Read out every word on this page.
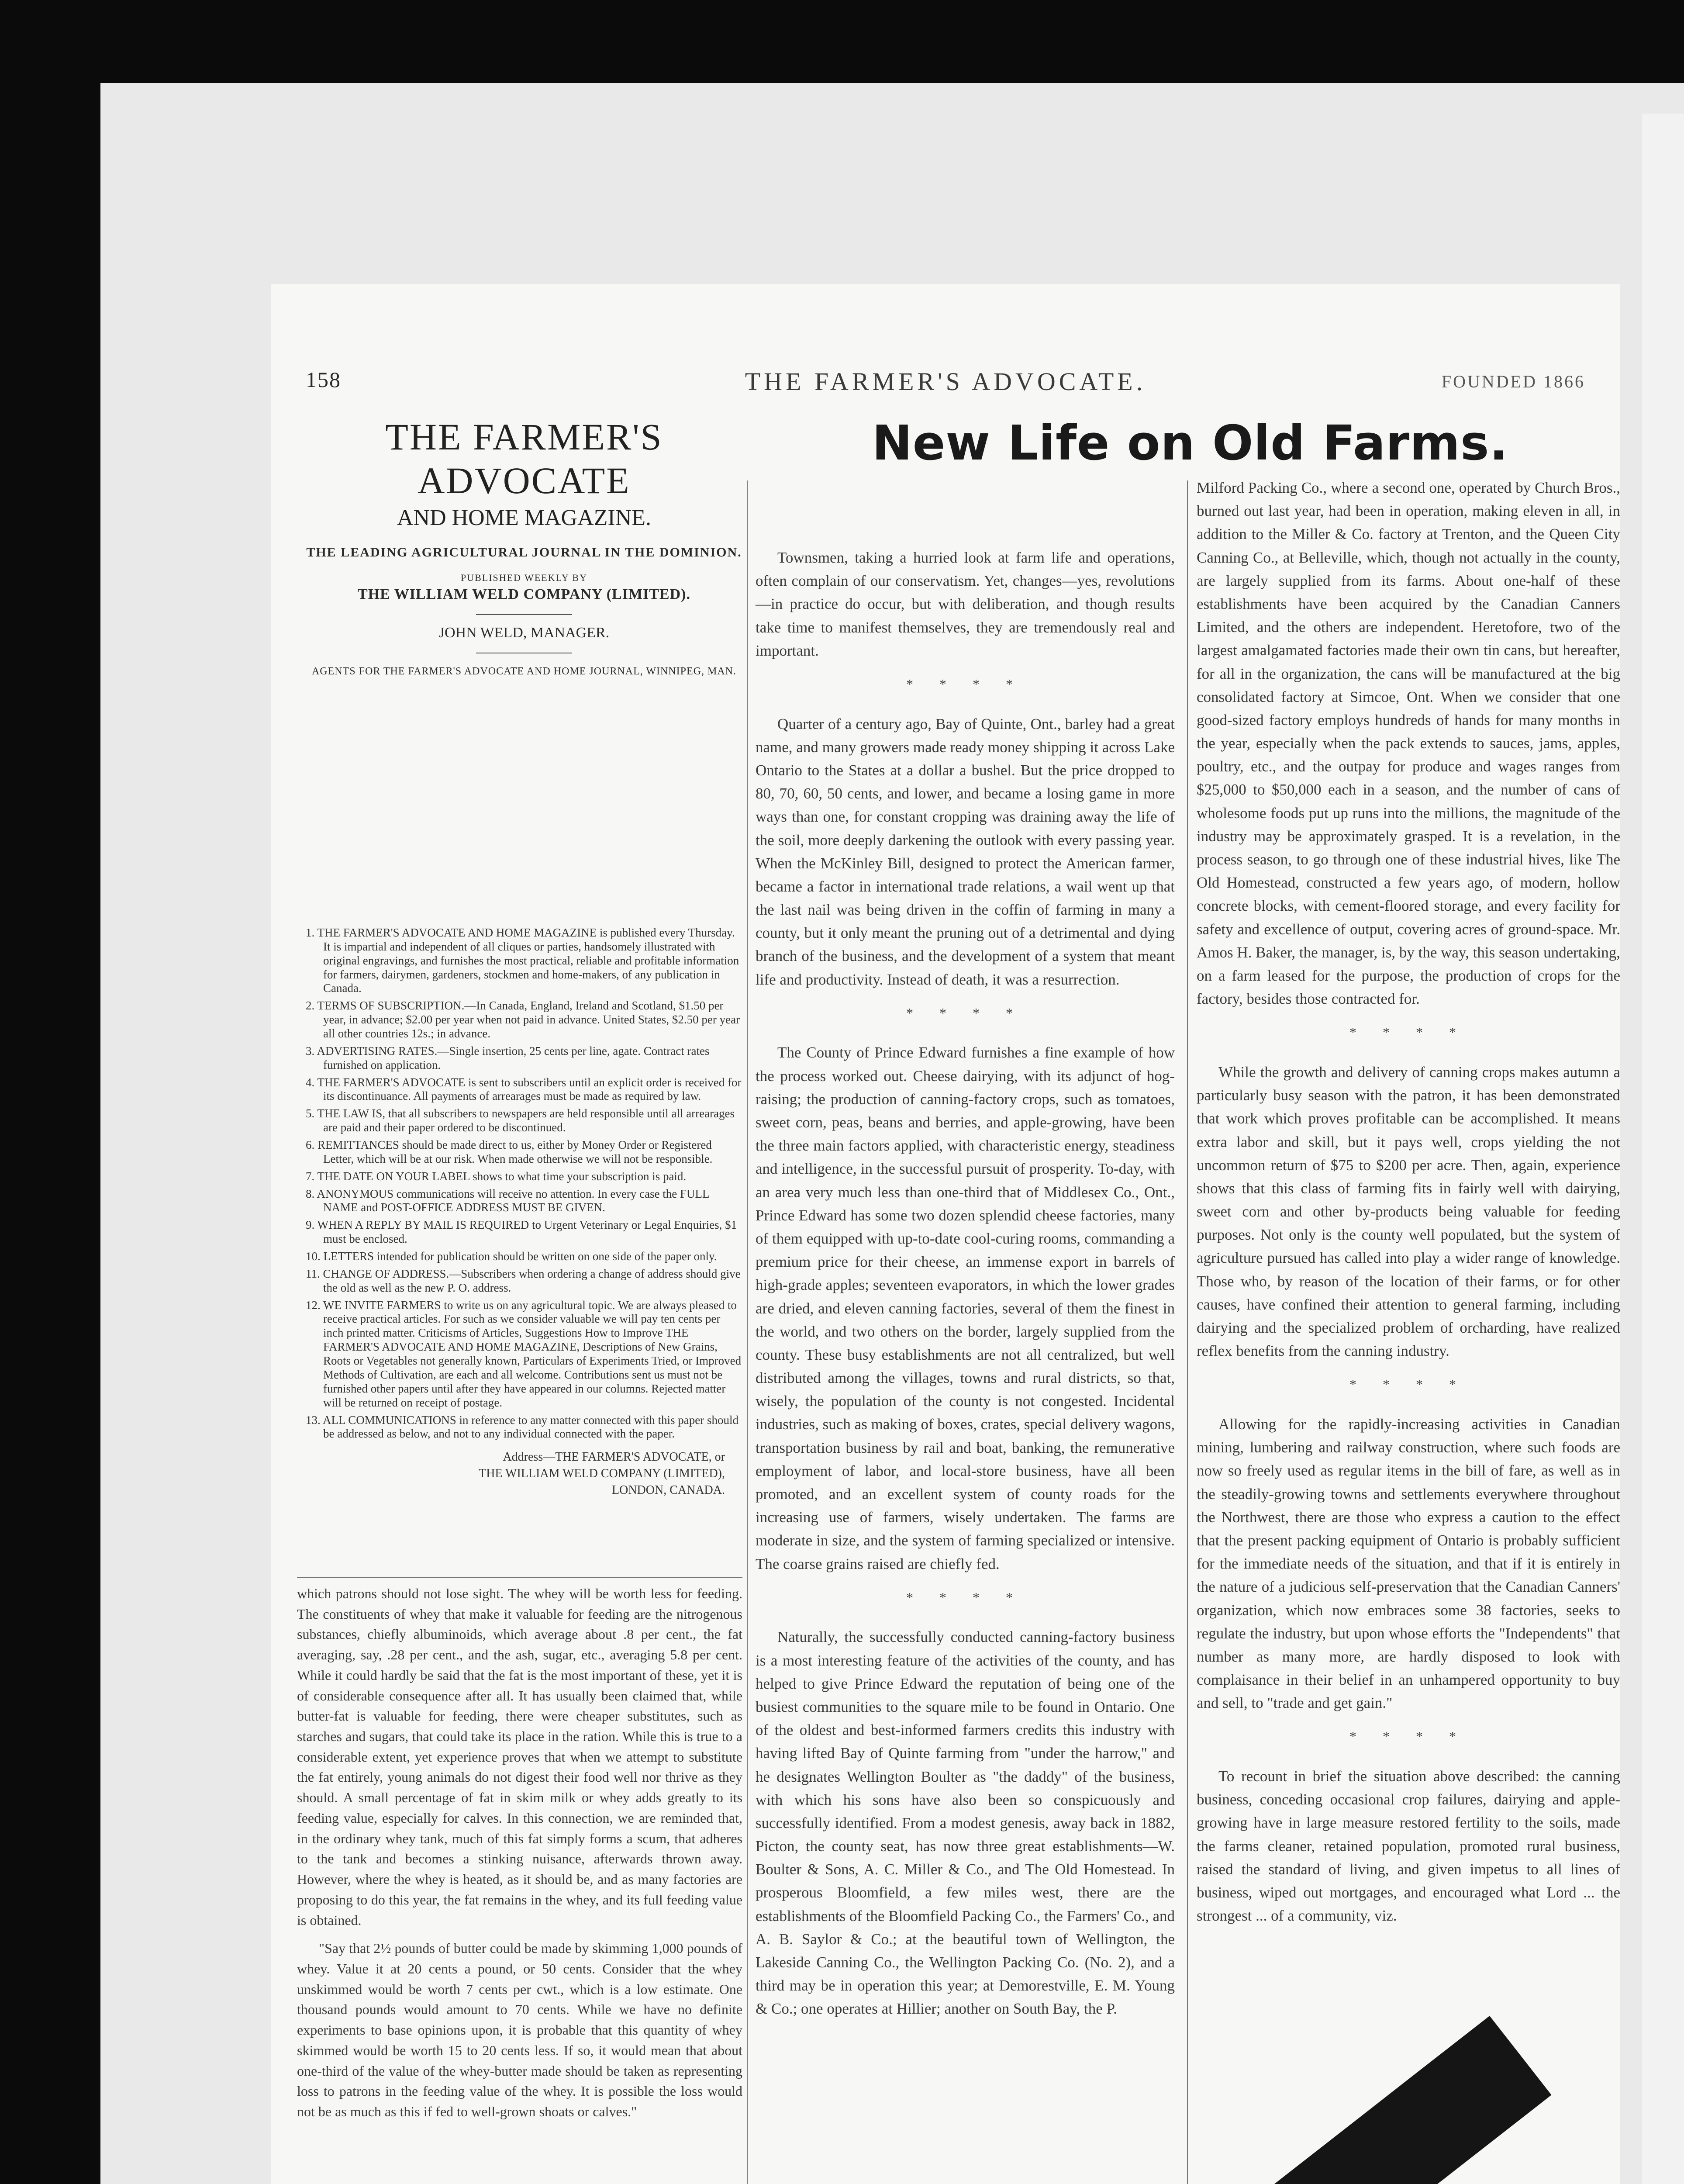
158	THE FARMER'S ADVOCATE.	FOUNDED 1866
THE FARMER'S ADVOCATE
AND HOME MAGAZINE.
THE LEADING AGRICULTURAL JOURNAL IN THE DOMINION.
PUBLISHED WEEKLY BY
THE WILLIAM WELD COMPANY (LIMITED).
JOHN WELD, MANAGER.
AGENTS FOR THE FARMER'S ADVOCATE AND HOME JOURNAL, WINNIPEG, MAN.
1. THE FARMER'S ADVOCATE AND HOME MAGAZINE is published every Thursday. It is impartial and independent of all cliques or parties, handsomely illustrated with original engravings, and furnishes the most practical, reliable and profitable information for farmers, dairymen, gardeners, stockmen and home-makers, of any publication in Canada.
2. TERMS OF SUBSCRIPTION.—In Canada, England, Ireland and Scotland, $1.50 per year, in advance; $2.00 per year when not paid in advance. United States, $2.50 per year all other countries 12s.; in advance.
3. ADVERTISING RATES.—Single insertion, 25 cents per line, agate. Contract rates furnished on application.
4. THE FARMER'S ADVOCATE is sent to subscribers until an explicit order is received for its discontinuance. All payments of arrearages must be made as required by law.
5. THE LAW IS, that all subscribers to newspapers are held responsible until all arrearages are paid and their paper ordered to be discontinued.
6. REMITTANCES should be made direct to us, either by Money Order or Registered Letter, which will be at our risk. When made otherwise we will not be responsible.
7. THE DATE ON YOUR LABEL shows to what time your subscription is paid.
8. ANONYMOUS communications will receive no attention. In every case the FULL NAME and POST-OFFICE ADDRESS MUST BE GIVEN.
9. WHEN A REPLY BY MAIL IS REQUIRED to Urgent Veterinary or Legal Enquiries, $1 must be enclosed.
10. LETTERS intended for publication should be written on one side of the paper only.
11. CHANGE OF ADDRESS.—Subscribers when ordering a change of address should give the old as well as the new P. O. address.
12. WE INVITE FARMERS to write us on any agricultural topic. We are always pleased to receive practical articles. For such as we consider valuable we will pay ten cents per inch printed matter. Criticisms of Articles, Suggestions How to Improve THE FARMER'S ADVOCATE AND HOME MAGAZINE, Descriptions of New Grains, Roots or Vegetables not generally known, Particulars of Experiments Tried, or Improved Methods of Cultivation, are each and all welcome. Contributions sent us must not be furnished other papers until after they have appeared in our columns. Rejected matter will be returned on receipt of postage.
13. ALL COMMUNICATIONS in reference to any matter connected with this paper should be addressed as below, and not to any individual connected with the paper.
Address—THE FARMER'S ADVOCATE, or
THE WILLIAM WELD COMPANY (LIMITED),
LONDON, CANADA.
New Life on Old Farms.

which patrons should not lose sight. The whey will be worth less for feeding. The constituents of whey that make it valuable for feeding are the nitrogenous substances, chiefly albuminoids, which average about .8 per cent., the fat averaging, say, .28 per cent., and the ash, sugar, etc., averaging 5.8 per cent. While it could hardly be said that the fat is the most important of these, yet it is of considerable consequence after all. It has usually been claimed that, while butter-fat is valuable for feeding, there were cheaper substitutes, such as starches and sugars, that could take its place in the ration. While this is true to a considerable extent, yet experience proves that when we attempt to substitute the fat entirely, young animals do not digest their food well nor thrive as they should. A small percentage of fat in skim milk or whey adds greatly to its feeding value, especially for calves. In this connection, we are reminded that, in the ordinary whey tank, much of this fat simply forms a scum, that adheres to the tank and becomes a stinking nuisance, afterwards thrown away. However, where the whey is heated, as it should be, and as many factories are proposing to do this year, the fat remains in the whey, and its full feeding value is obtained.

"Say that 2½ pounds of butter could be made by skimming 1,000 pounds of whey. Value it at 20 cents a pound, or 50 cents. Consider that the whey unskimmed would be worth 7 cents per cwt., which is a low estimate. One thousand pounds would amount to 70 cents. While we have no definite experiments to base opinions upon, it is probable that this quantity of whey skimmed would be worth 15 to 20 cents less. If so, it would mean that about one-third of the value of the whey-butter made should be taken as representing loss to patrons in the feeding value of the whey. It is possible the loss would not be as much as this if fed to well-grown shoats or calves."

Townsmen, taking a hurried look at farm life and operations, often complain of our conservatism. Yet, changes—yes, revolutions—in practice do occur, but with deliberation, and though results take time to manifest themselves, they are tremendously real and important.

* * * *

Quarter of a century ago, Bay of Quinte, Ont., barley had a great name, and many growers made ready money shipping it across Lake Ontario to the States at a dollar a bushel. But the price dropped to 80, 70, 60, 50 cents, and lower, and became a losing game in more ways than one, for constant cropping was draining away the life of the soil, more deeply darkening the outlook with every passing year. When the McKinley Bill, designed to protect the American farmer, became a factor in international trade relations, a wail went up that the last nail was being driven in the coffin of farming in many a county, but it only meant the pruning out of a detrimental and dying branch of the business, and the development of a system that meant life and productivity. Instead of death, it was a resurrection.

* * * *

The County of Prince Edward furnishes a fine example of how the process worked out. Cheese dairying, with its adjunct of hog-raising; the production of canning-factory crops, such as tomatoes, sweet corn, peas, beans and berries, and apple-growing, have been the three main factors applied, with characteristic energy, steadiness and intelligence, in the successful pursuit of prosperity. To-day, with an area very much less than one-third that of Middlesex Co., Ont., Prince Edward has some two dozen splendid cheese factories, many of them equipped with up-to-date cool-curing rooms, commanding a premium price for their cheese, an immense export in barrels of high-grade apples; seventeen evaporators, in which the lower grades are dried, and eleven canning factories, several of them the finest in the world, and two others on the border, largely supplied from the county. These busy establishments are not all centralized, but well distributed among the villages, towns and rural districts, so that, wisely, the population of the county is not congested. Incidental industries, such as making of boxes, crates, special delivery wagons, transportation business by rail and boat, banking, the remunerative employment of labor, and local-store business, have all been promoted, and an excellent system of county roads for the increasing use of farmers, wisely undertaken. The farms are moderate in size, and the system of farming specialized or intensive. The coarse grains raised are chiefly fed.

* * * *

Naturally, the successfully conducted canning-factory business is a most interesting feature of the activities of the county, and has helped to give Prince Edward the reputation of being one of the busiest communities to the square mile to be found in Ontario. One of the oldest and best-informed farmers credits this industry with having lifted Bay of Quinte farming from "under the harrow," and he designates Wellington Boulter as "the daddy" of the business, with which his sons have also been so conspicuously and successfully identified. From a modest genesis, away back in 1882, Picton, the county seat, has now three great establishments—W. Boulter & Sons, A. C. Miller & Co., and The Old Homestead. In prosperous Bloomfield, a few miles west, there are the establishments of the Bloomfield Packing Co., the Farmers' Co., and A. B. Saylor & Co.; at the beautiful town of Wellington, the Lakeside Canning Co., the Wellington Packing Co. (No. 2), and a third may be in operation this year; at Demorestville, E. M. Young & Co.; one operates at Hillier; another on South Bay, the P.

Milford Packing Co., where a second one, operated by Church Bros., burned out last year, had been in operation, making eleven in all, in addition to the Miller & Co. factory at Trenton, and the Queen City Canning Co., at Belleville, which, though not actually in the county, are largely supplied from its farms. About one-half of these establishments have been acquired by the Canadian Canners Limited, and the others are independent. Heretofore, two of the largest amalgamated factories made their own tin cans, but hereafter, for all in the organization, the cans will be manufactured at the big consolidated factory at Simcoe, Ont. When we consider that one good-sized factory employs hundreds of hands for many months in the year, especially when the pack extends to sauces, jams, apples, poultry, etc., and the outpay for produce and wages ranges from $25,000 to $50,000 each in a season, and the number of cans of wholesome foods put up runs into the millions, the magnitude of the industry may be approximately grasped. It is a revelation, in the process season, to go through one of these industrial hives, like The Old Homestead, constructed a few years ago, of modern, hollow concrete blocks, with cement-floored storage, and every facility for safety and excellence of output, covering acres of ground-space. Mr. Amos H. Baker, the manager, is, by the way, this season undertaking, on a farm leased for the purpose, the production of crops for the factory, besides those contracted for.

* * * *

While the growth and delivery of canning crops makes autumn a particularly busy season with the patron, it has been demonstrated that work which proves profitable can be accomplished. It means extra labor and skill, but it pays well, crops yielding the not uncommon return of $75 to $200 per acre. Then, again, experience shows that this class of farming fits in fairly well with dairying, sweet corn and other by-products being valuable for feeding purposes. Not only is the county well populated, but the system of agriculture pursued has called into play a wider range of knowledge. Those who, by reason of the location of their farms, or for other causes, have confined their attention to general farming, including dairying and the specialized problem of orcharding, have realized reflex benefits from the canning industry.

* * * *

Allowing for the rapidly-increasing activities in Canadian mining, lumbering and railway construction, where such foods are now so freely used as regular items in the bill of fare, as well as in the steadily-growing towns and settlements everywhere throughout the Northwest, there are those who express a caution to the effect that the present packing equipment of Ontario is probably sufficient for the immediate needs of the situation, and that if it is entirely in the nature of a judicious self-preservation that the Canadian Canners' organization, which now embraces some 38 factories, seeks to regulate the industry, but upon whose efforts the "Independents" that number as many more, are hardly disposed to look with complaisance in their belief in an unhampered opportunity to buy and sell, to "trade and get gain."

* * * *

To recount in brief the situation above described: the canning business, conceding occasional crop failures, dairying and apple-growing have in large measure restored fertility to the soils, made the farms cleaner, retained population, promoted rural business, raised the standard of living, and given impetus to all lines of business, wiped out mortgages, and encouraged what Lord ... the strongest ... of a community, viz.
